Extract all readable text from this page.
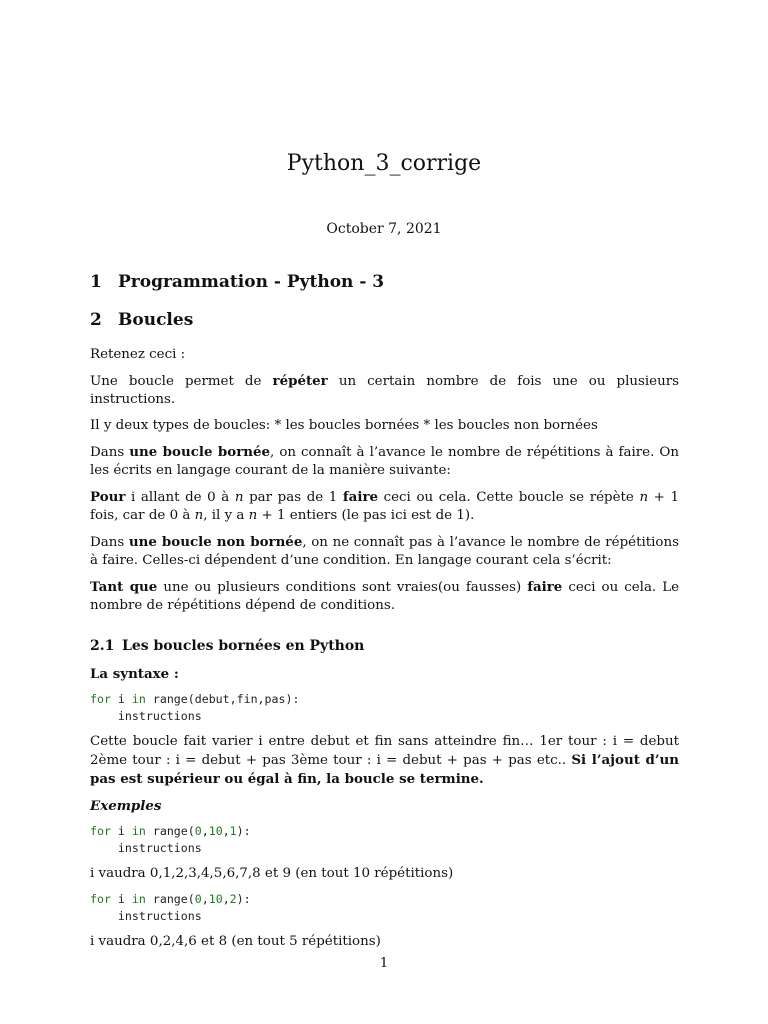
Python_3_corrige
October 7, 2021
1 Programmation - Python - 3
2 Boucles

Retenez ceci :

Une boucle permet de répéter un certain nombre de fois une ou plusieurs instructions.

Il y deux types de boucles: * les boucles bornées * les boucles non bornées

Dans une boucle bornée, on connaît à l’avance le nombre de répétitions à faire. On les écrits en langage courant de la manière suivante:

Pour i allant de 0 à n par pas de 1 faire ceci ou cela. Cette boucle se répète n + 1 fois, car de 0 à n, il y a n + 1 entiers (le pas ici est de 1).

Dans une boucle non bornée, on ne connaît pas à l’avance le nombre de répétitions à faire. Celles-ci dépendent d’une condition. En langage courant cela s’écrit:

Tant que une ou plusieurs conditions sont vraies(ou fausses) faire ceci ou cela. Le nombre de répétitions dépend de conditions.

2.1 Les boucles bornées en Python
La syntaxe :
for i in range(debut,fin,pas):
instructions

Cette boucle fait varier i entre debut et fin sans atteindre fin… 1er tour : i = debut 2ème tour : i = debut + pas 3ème tour : i = debut + pas + pas etc.. Si l’ajout d’un pas est supérieur ou égal à fin, la boucle se termine.

Exemples
for i in range(0,10,1):
instructions

i vaudra 0,1,2,3,4,5,6,7,8 et 9 (en tout 10 répétitions)

for i in range(0,10,2):
instructions

i vaudra 0,2,4,6 et 8 (en tout 5 répétitions)

1
